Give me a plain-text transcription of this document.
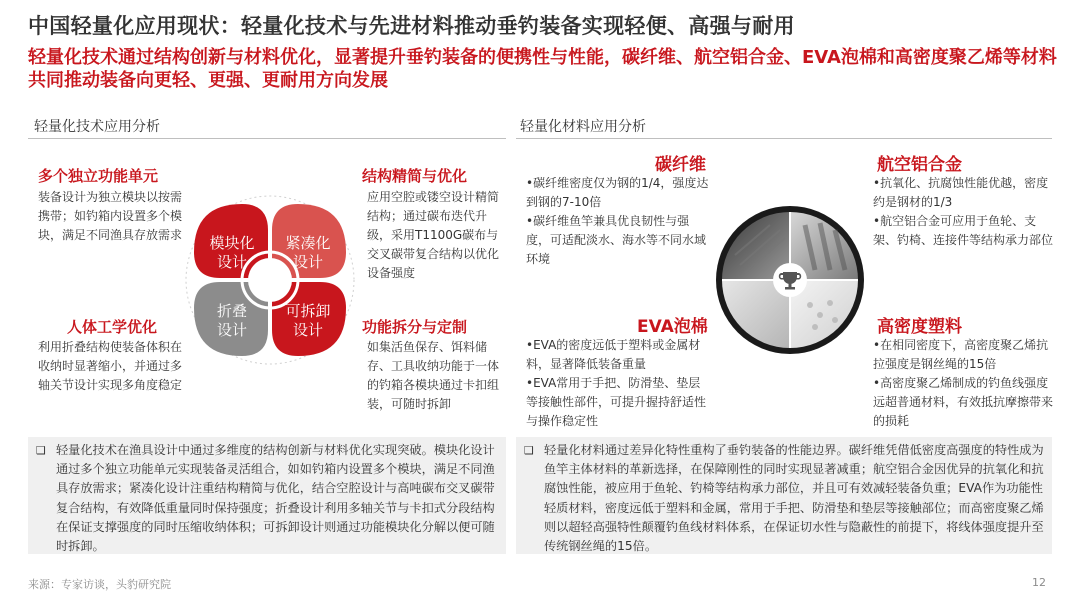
中国轻量化应用现状：轻量化技术与先进材料推动垂钓装备实现轻便、高强与耐用
轻量化技术通过结构创新与材料优化，显著提升垂钓装备的便携性与性能，碳纤维、航空铝合金、EVA泡棉和高密度聚乙烯等材料共同推动装备向更轻、更强、更耐用方向发展
轻量化技术应用分析	轻量化材料应用分析
多个独立功能单元
装备设计为独立模块以按需携带；如钓箱内设置多个模块，满足不同渔具存放需求
结构精简与优化
应用空腔或镂空设计精简结构；通过碳布迭代升级，采用T1100G碳布与交叉碳带复合结构以优化设备强度
人体工学优化
利用折叠结构使装备体积在收纳时显著缩小，并通过多轴关节设计实现多角度稳定
功能拆分与定制
如集活鱼保存、饵料储存、工具收纳功能于一体的钓箱各模块通过卡扣组装，可随时拆卸
模块化
设计
紧凑化
设计
折叠
设计
可拆卸
设计
碳纤维
•碳纤维密度仅为钢的1/4，强度达到钢的7-10倍
•碳纤维鱼竿兼具优良韧性与强度，可适配淡水、海水等不同水域环境
航空铝合金
•抗氧化、抗腐蚀性能优越，密度约是钢材的1/3
•航空铝合金可应用于鱼轮、支架、钓椅、连接件等结构承力部位
EVA泡棉
•EVA的密度远低于塑料或金属材料，显著降低装备重量
•EVA常用于手把、防滑垫、垫层等接触性部件，可提升握持舒适性与操作稳定性
高密度塑料
•在相同密度下，高密度聚乙烯抗拉强度是钢丝绳的15倍
•高密度聚乙烯制成的钓鱼线强度远超普通材料，有效抵抗摩擦带来的损耗
❑ 轻量化技术在渔具设计中通过多维度的结构创新与材料优化实现突破。模块化设计通过多个独立功能单元实现装备灵活组合，如如钓箱内设置多个模块，满足不同渔具存放需求；紧凑化设计注重结构精简与优化，结合空腔设计与高吨碳布交叉碳带复合结构，有效降低重量同时保持强度；折叠设计利用多轴关节与卡扣式分段结构在保证支撑强度的同时压缩收纳体积；可拆卸设计则通过功能模块化分解以便可随时拆卸。
❑ 轻量化材料通过差异化特性重构了垂钓装备的性能边界。碳纤维凭借低密度高强度的特性成为鱼竿主体材料的革新选择，在保障刚性的同时实现显著减重；航空铝合金因优异的抗氧化和抗腐蚀性能，被应用于鱼轮、钓椅等结构承力部位，并且可有效减轻装备负重；EVA作为功能性轻质材料，密度远低于塑料和金属，常用于手把、防滑垫和垫层等接触部位；而高密度聚乙烯则以超轻高强特性颠覆钓鱼线材料体系，在保证切水性与隐蔽性的前提下，将线体强度提升至传统钢丝绳的15倍。
来源：专家访谈，头豹研究院	12
